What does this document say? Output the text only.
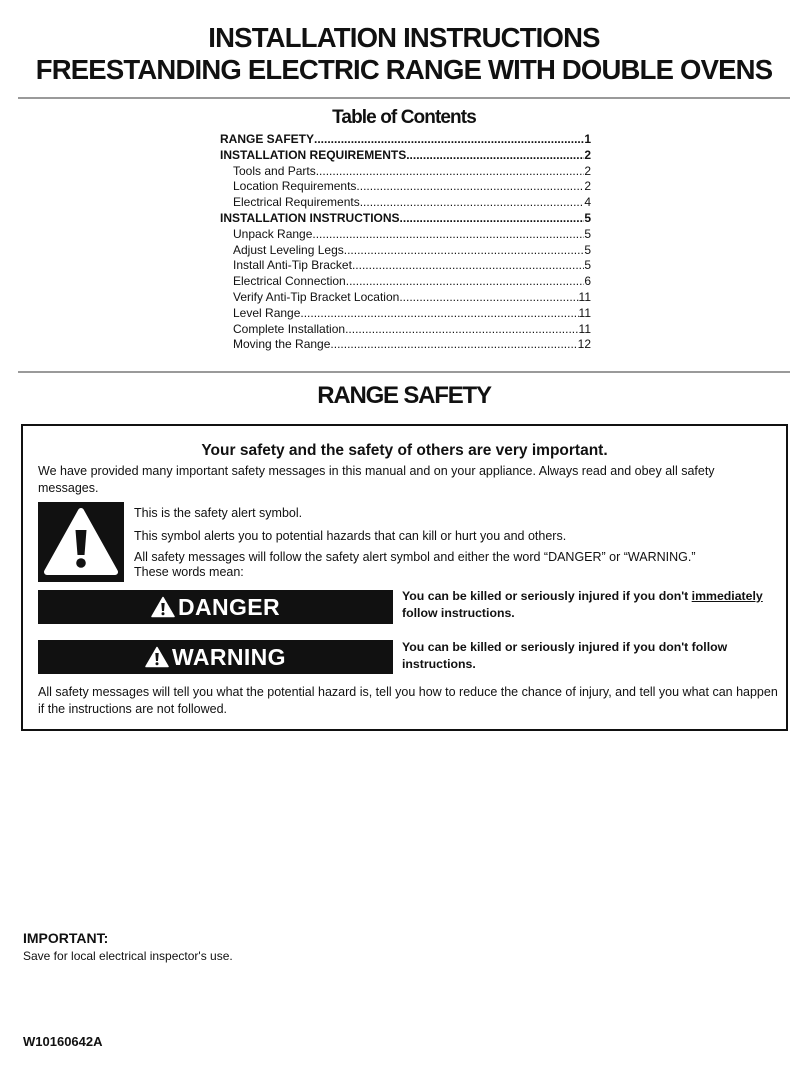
INSTALLATION INSTRUCTIONS
FREESTANDING ELECTRIC RANGE WITH DOUBLE OVENS
Table of Contents
RANGE SAFETY .....	1
INSTALLATION REQUIREMENTS .....	2
Tools and Parts .....	2
Location Requirements .....	2
Electrical Requirements .....	4
INSTALLATION INSTRUCTIONS .....	5
Unpack Range .....	5
Adjust Leveling Legs .....	5
Install Anti-Tip Bracket .....	5
Electrical Connection .....	6
Verify Anti-Tip Bracket Location .....	11
Level Range .....	11
Complete Installation .....	11
Moving the Range .....	12
RANGE SAFETY
Your safety and the safety of others are very important.
We have provided many important safety messages in this manual and on your appliance. Always read and obey all safety messages.
This is the safety alert symbol.
This symbol alerts you to potential hazards that can kill or hurt you and others.
All safety messages will follow the safety alert symbol and either the word “DANGER” or “WARNING.”
These words mean:
DANGER	You can be killed or seriously injured if you don't immediately follow instructions.
WARNING	You can be killed or seriously injured if you don't follow instructions.
All safety messages will tell you what the potential hazard is, tell you how to reduce the chance of injury, and tell you what can happen if the instructions are not followed.
IMPORTANT:
Save for local electrical inspector's use.
W10160642A
